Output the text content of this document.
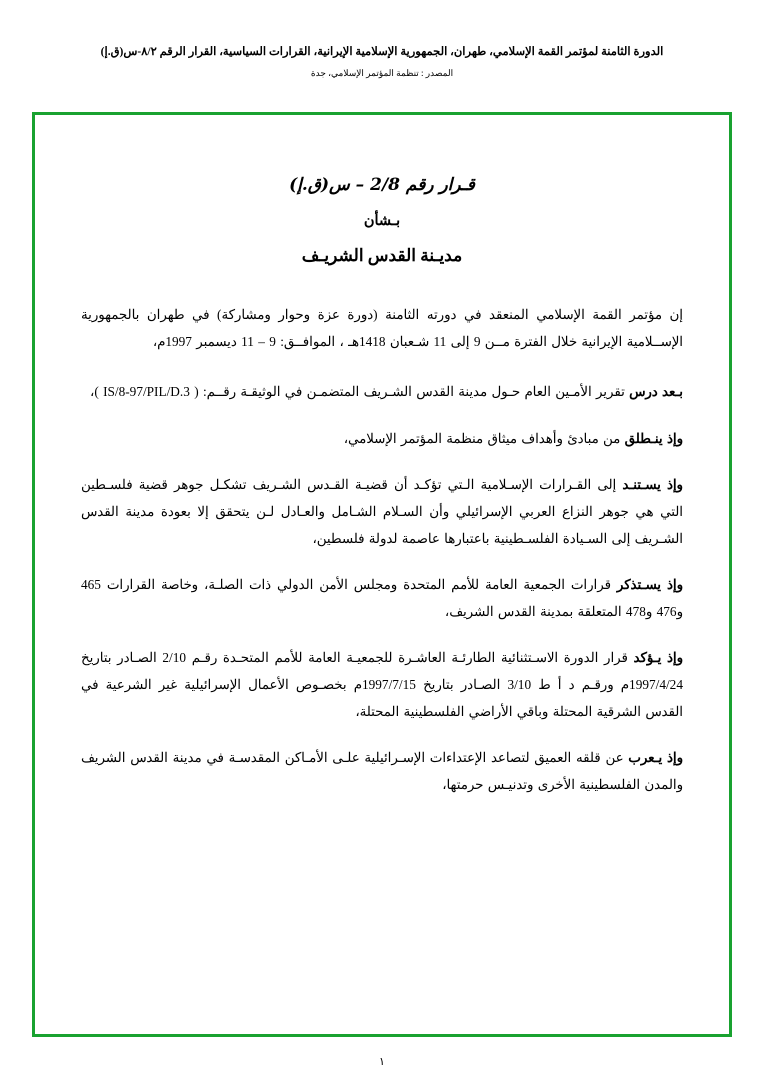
الدورة الثامنة لمؤتمر القمة الإسلامي، طهران، الجمهورية الإسلامية الإيرانية، القرارات السياسية، القرار الرقم ٨/٢-س(ق.إ)
المصدر : تنظمة المؤتمر الإسلامي، جدة
قـرار رقم 2/8 – س(ق.إ)
بـشأن
مديـنة القدس الشريـف

إن مؤتمر القمة الإسلامي المنعقد في دورته الثامنة (دورة عزة وحوار ومشاركة) في طهران بالجمهورية الإســلامية الإيرانية خلال الفترة مــن 9 إلى 11 شـعبان 1418هـ ، الموافــق: 9 – 11 ديسمبر 1997م،

بـعد درس تقرير الأمـين العام حـول مدينة القدس الشـريف المتضمـن في الوثيقـة رقــم: ( IS/8-97/PIL/D.3 )،

وإذ ينـطلق من مبادئ وأهداف ميثاق منظمة المؤتمر الإسلامي،

وإذ يسـتنـد إلى القـرارات الإسـلامية الـتي تؤكـد أن قضيـة القـدس الشـريف تشكـل جوهر قضية فلسـطين التي هي جوهر النزاع العربي الإسرائيلي وأن السـلام الشـامل والعـادل لـن يتحقق إلا بعودة مدينة القدس الشـريف إلى السـيادة الفلسـطينية باعتبارها عاصمة لدولة فلسطين،

وإذ يسـتذكر قرارات الجمعية العامة للأمم المتحدة ومجلس الأمن الدولي ذات الصلـة، وخاصة القرارات 465 و476 و478 المتعلقة بمدينة القدس الشريف،

وإذ يـؤكد قرار الدورة الاسـتثنائية الطارئـة العاشـرة للجمعيـة العامة للأمم المتحـدة رقـم 2/10 الصـادر بتاريخ 1997/4/24م ورقـم د أ ط 3/10 الصـادر بتاريخ 1997/7/15م بخصـوص الأعمال الإسرائيلية غير الشرعية في القدس الشرقية المحتلة وباقي الأراضي الفلسطينية المحتلة،

وإذ يـعرب عن قلقه العميق لتصاعد الإعتداءات الإسـرائيلية علـى الأمـاكن المقدسـة في مدينة القدس الشريف والمدن الفلسطينية الأخرى وتدنيـس حرمتها،

١
